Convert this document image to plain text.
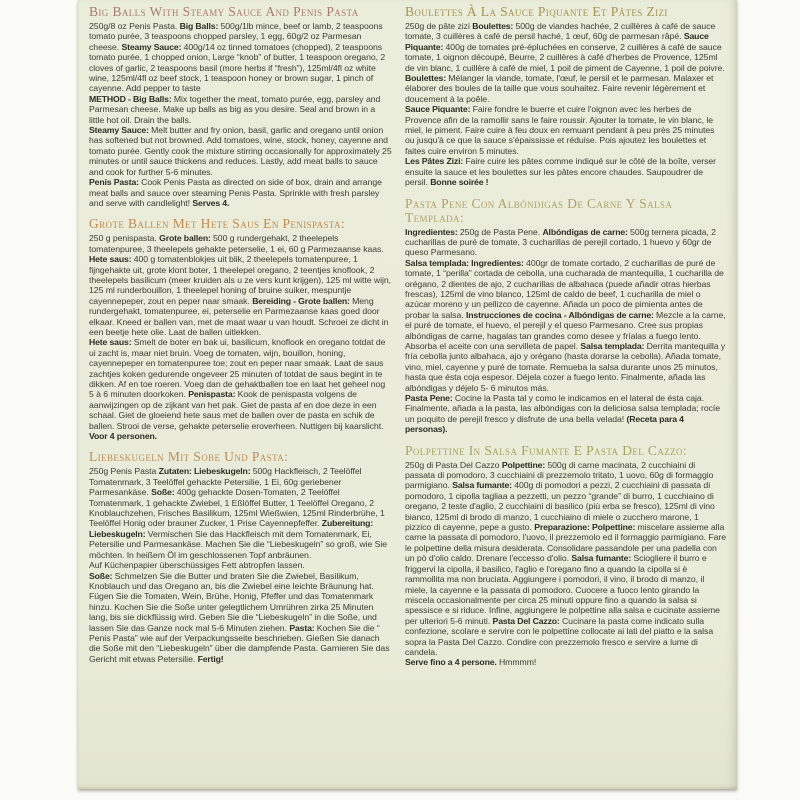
Big Balls With Steamy Sauce And Penis Pasta

250g/8 oz Penis Pasta. Big Balls: 500g/1lb mince, beef or lamb, 2 teaspoons tomato purée, 3 teaspoons chopped parsley, 1 egg, 60g/2 oz Parmesan cheese. Steamy Sauce: 400g/14 oz tinned tomatoes (chopped), 2 teaspoons tomato purée, 1 chopped onion, Large “knob” of butter, 1 teaspoon oregano, 2 cloves of garlic, 2 teaspoons basil (more herbs if “fresh”), 125ml/4fl oz white wine, 125ml/4fl oz beef stock, 1 teaspoon honey or brown sugar, 1 pinch of cayenne. Add pepper to taste

METHOD - Big Balls: Mix together the meat, tomato purée, egg, parsley and Parmesan cheese. Make up balls as big as you desire. Seal and brown in a little hot oil. Drain the balls.

Steamy Sauce: Melt butter and fry onion, basil, garlic and oregano until onion has softened but not browned. Add tomatoes, wine, stock, honey, cayenne and tomato purée. Gently cook the mixture stirring occasionally for approximately 25 minutes or until sauce thickens and reduces. Lastly, add meat balls to sauce and cook for further 5-6 minutes.

Penis Pasta: Cook Penis Pasta as directed on side of box, drain and arrange meat balls and sauce over steaming Penis Pasta. Sprinkle with fresh parsley and serve with candlelight! Serves 4.

Grote Ballen Met Hete Saus En Penispasta:

250 g penispasta. Grote ballen: 500 g rundergehakt, 2 theelepels tomatenpuree, 3 theelepels gehakte peterselie, 1 ei, 60 g Parmezaanse kaas. Hete saus: 400 g tomatenblokjes uit blik, 2 theelepels tomatenpuree, 1 fijngehakte uit, grote klont boter, 1 theelepel oregano, 2 teentjes knoflook, 2 theelepels basilicum (meer kruiden als u ze vers kunt krijgen), 125 ml witte wijn, 125 ml runderbouillon, 1 theelepel honing of bruine suiker, mespuntje cayennepeper, zout en peper naar smaak. Bereiding - Grote ballen: Meng rundergehakt, tomatenpuree, ei, peterselie en Parmezaanse kaas goed door elkaar. Kneed er ballen van, met de maat waar u van houdt. Schroei ze dicht in een beetje hete olie. Laat de ballen uitlekken.

Hete saus: Smelt de boter en bak ui, basilicum, knoflook en oregano totdat de ui zacht is, maar niet bruin. Voeg de tomaten, wijn, bouillon, honing, cayennepeper en tomatenpuree toe; zout en peper naar smaak. Laat de saus zachtjes koken gedurende ongeveer 25 minuten of totdat de saus begint in te dikken. Af en toe roeren. Voeg dan de gehaktballen toe en laat het geheel nog 5 à 6 minuten doorkoken. Penispasta: Kook de penispasta volgens de aanwijzingen op de zijkant van het pak. Giet de pasta af en doe deze in een schaal. Giet de gloeiend hete saus met de ballen over de pasta en schik de ballen. Strooi de verse, gehakte peterselie eroverheen. Nuttigen bij kaarslicht. Voor 4 personen.

Liebeskugeln Mit Sobe Und Pasta:

250g Penis Pasta Zutaten: Liebeskugeln: 500g Hackfleisch, 2 Teelöffel Tomatenmark, 3 Teelöffel gehackte Petersilie, 1 Ei, 60g geriebener Parmesankäse. Soße: 400g gehackte Dosen-Tomaten, 2 Teelöffel Tomatenmark, 1 gehackte Zwiebel, 1 Eßlöffel Butter, 1 Teelöffel Oregano, 2 Knoblauchzehen, Frisches Basilikum, 125ml Wießwien, 125ml Rinderbrühe, 1 Teelöffel Honig oder brauner Zucker, 1 Prise Cayennepfeffer. Zubereitung: Liebeskugeln: Vermischen Sie das Hackfleisch mit dem Tomatenmark, Ei, Petersilie und Parmesankäse. Machen Sie die “Liebeskugeln” so groß, wie Sie möchten. In heißem Öl im geschlossenen Topf anbräunen.

Auf Küchenpapier überschüssiges Fett abtropfen lassen.

Soße: Schmelzen Sie die Butter und braten Sie die Zwiebel, Basilikum, Knoblauch und das Oregano an, bis die Zwiebel eine leichte Bräunung hat. Fügen Sie die Tomaten, Wein, Brühe, Honig, Pfeffer und das Tomatenmark hinzu. Kochen Sie die Soße unter gelegtlichem Umrühren zirka 25 Minuten lang, bis sie dickflüssig wird. Geben Sie die “Liebeskugeln” in die Soße, und lassen Sie das Ganze nock mal 5-6 Minuten ziehen. Pasta: Kochen Sie die “ Penis Pasta” wie auf der Verpackungsseite beschrieben. Gießen Sie danach die Soße mit den “Liebeskugeln” über die dampfende Pasta. Garnieren Sie das Gericht mit etwas Petersilie. Fertig!

Boulettes À La Sauce Piquante Et Pâtes Zizi

250g de pâte zizi Boulettes: 500g de viandes hachée, 2 cuillères à café de sauce tomate, 3 cuillères à café de persil haché, 1 œuf, 60g de parmesan râpé. Sauce Piquante: 400g de tomates pré-épluchées en conserve, 2 cuillères à café de sauce tomate, 1 oignon découpé, Beurre, 2 cuillères à café d'herbes de Provence, 125ml de vin blanc, 1 cuillère à café de miel, 1 poil de piment de Cayenne, 1 poil de poivre. Boulettes: Mélanger la viande, tomate, l'œuf, le persil et le parmesan. Malaxer et élaborer des boules de la taille que vous souhaitez. Faire revenir légèrement et doucement à la poêle.

Sauce Piquante: Faire fondre le buerre et cuire l'oignon avec les herbes de Provence afin de la ramollir sans le faire roussir. Ajouter la tomate, le vin blanc, le miel, le piment. Faire cuire à feu doux en remuant pendant à peu près 25 minutes ou jusqu'à ce que la sauce s'épaississe et réduise. Pois ajoutez les boulettes et faites cuire environ 5 minutes.

Les Pâtes Zizi: Faire cuire les pâtes comme indiqué sur le côté de la boîte, verser ensuite la sauce et les boulettes sur les pâtes encore chaudes. Saupoudrer de persil. Bonne soirée !

Pasta Pene Con Albóndigas De Carne Y Salsa Templada:

Ingredientes: 250g de Pasta Pene. Albóndigas de carne: 500g ternera picada, 2 cucharillas de puré de tomate, 3 cucharillas de perejil cortado, 1 huevo y 60gr de queso Parmesano.

Salsa templada: Ingredientes: 400gr de tomate cortado, 2 cucharillas de puré de tomate, 1 “perilla” cortada de cebolla, una cucharada de mantequilla, 1 cucharilla de orégano, 2 dientes de ajo, 2 cucharillas de albahaca (puede añadir otras hierbas frescas), 125ml de vino blanco, 125ml de caldo de beef, 1 cucharilla de miel o azúcar moreno y un pellizco de cayenne. Añada un poco de pimienta antes de probar la salsa. Instrucciones de cocina - Albóndigas de carne: Mezcle a la carne, el puré de tomate, el huevo, el perejil y el queso Parmesano. Cree sus propias albóndigas de carne, hagalas tan grandes como desee y fríalas a fuego lento. Absorba el aceite con una servilleta de papel. Salsa templada: Derrita mantequilla y fría cebolla junto albahaca, ajo y orégano (hasta dorarse la cebolla). Añada tomate, vino, miel, cayenne y puré de tomate. Remueba la salsa durante unos 25 minutos, hasta que ésta coja espesor. Déjela cozer a fuego lento. Finalmente, añada las albóndigas y déjelo 5- 6 minutos más.

Pasta Pene: Cocine la Pasta tal y como le indicamos en el lateral de ésta caja. Finalmente, añada a la pasta, las albóndigas con la deliciosa salsa templada; rocíe un poquito de perejil fresco y disfrute de una bella velada! (Receta para 4 personas).

Polpettine In Salsa Fumante E Pasta Del Cazzo:

250g di Pasta Del Cazzo Polpettine: 500g di carne macinata, 2 cucchiaini di passata di pomodoro, 3 cucchiaini di prezzemolo tritato, 1 uovo, 60g di formaggio parmigiano. Salsa fumante: 400g di pomodori a pezzi, 2 cucchiaini di passata di pomodoro, 1 cipolla tagliaa a pezzetti, un pezzo “grande” di burro, 1 cucchiaino di oregano, 2 teste d'aglio, 2 cucchiaini di basilico (più erba se fresco), 125ml di vino bianco, 125ml di brodo di manzo, 1 cucchiaino di miele o zucchero marone, 1 pizzico di cayenne, pepe a gusto. Preparazione: Polpettine: miscelare assieme alla carne la passata di pomodoro, l'uovo, il prezzemolo ed il formaggio parmigiano. Fare le polpettine della misura desiderata. Consolidare passandole per una padella con un pò d'olio caldo. Drenare l'eccesso d'olio. Salsa fumante: Sciogliere il burro e friggervi la cipolla, il basilico, l'aglio e l'oregano fino a quando la cipolla si è rammollita ma non bruciata. Aggiungere i pomodori, il vino, il brodo di manzo, il miele, la cayenne e la passata di pomodoro. Cuocere a fuoco lento girando la miscela occasionalmente per circa 25 minuti oppure fino a quando la salsa si spessisce e si riduce. Infine, aggiungere le polpettine alla salsa e cucinate assieme per ulteriori 5-6 minuti. Pasta Del Cazzo: Cucinare la pasta come indicato sulla confezione, scolare e servire con le polpettine collocate ai lati del piatto e la salsa sopra la Pasta Del Cazzo. Condire con prezzemolo fresco e servire a lume di candela.

Serve fino a 4 persone. Hmmmm!
